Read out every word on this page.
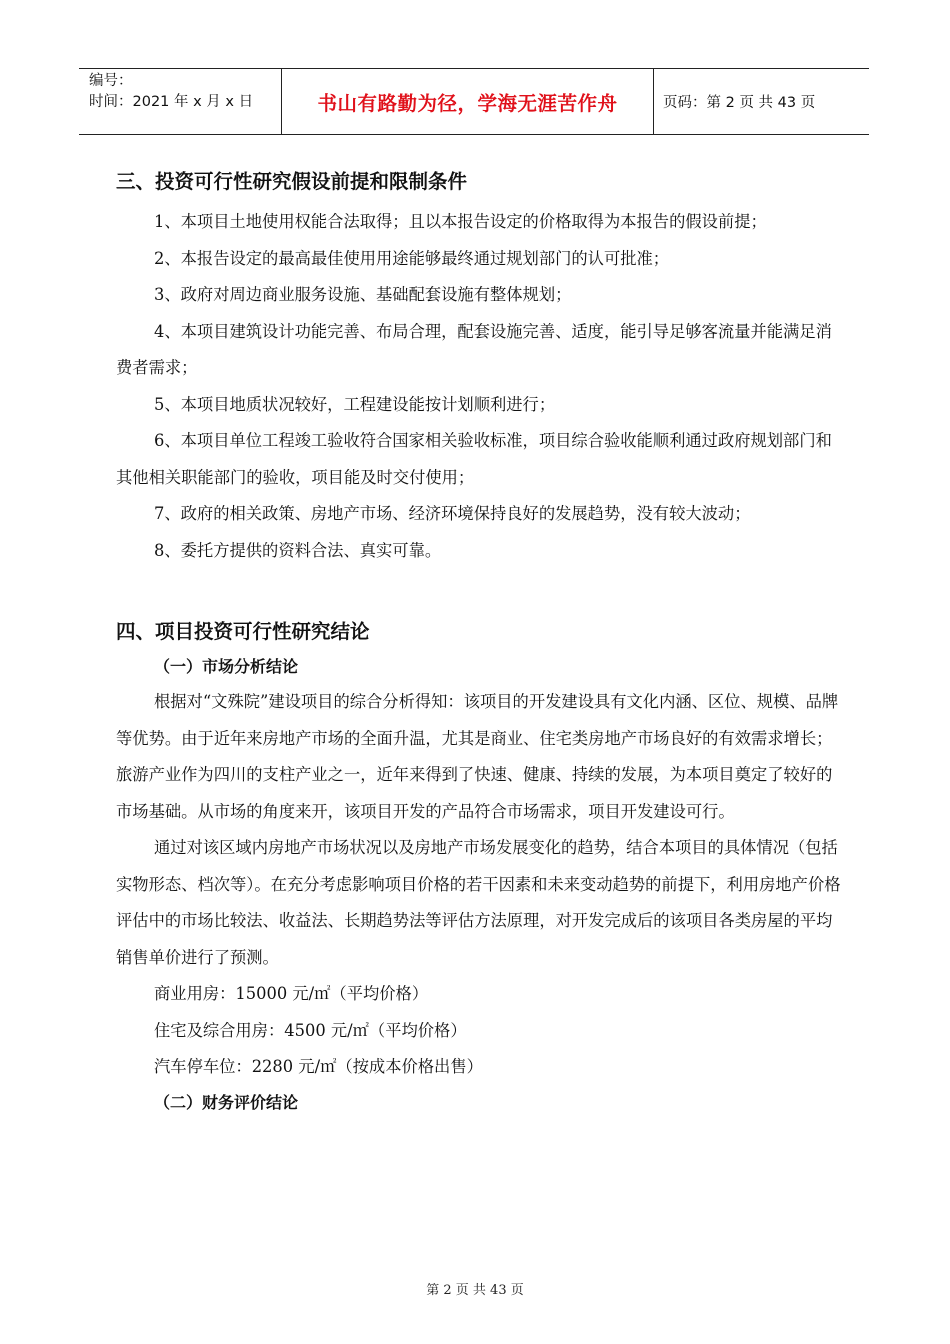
编号：
时间：2021 年 x 月 x 日	书山有路勤为径，学海无涯苦作舟	页码：第 2 页 共 43 页
三、投资可行性研究假设前提和限制条件

1、本项目土地使用权能合法取得；且以本报告设定的价格取得为本报告的假设前提；

2、本报告设定的最高最佳使用用途能够最终通过规划部门的认可批准；

3、政府对周边商业服务设施、基础配套设施有整体规划；

4、本项目建筑设计功能完善、布局合理，配套设施完善、适度，能引导足够客流量并能满足消费者需求；

5、本项目地质状况较好，工程建设能按计划顺利进行；

6、本项目单位工程竣工验收符合国家相关验收标准，项目综合验收能顺利通过政府规划部门和其他相关职能部门的验收，项目能及时交付使用；

7、政府的相关政策、房地产市场、经济环境保持良好的发展趋势，没有较大波动；

8、委托方提供的资料合法、真实可靠。

四、项目投资可行性研究结论
（一）市场分析结论

根据对“文殊院”建设项目的综合分析得知：该项目的开发建设具有文化内涵、区位、规模、品牌等优势。由于近年来房地产市场的全面升温，尤其是商业、住宅类房地产市场良好的有效需求增长；旅游产业作为四川的支柱产业之一，近年来得到了快速、健康、持续的发展，为本项目奠定了较好的市场基础。从市场的角度来开，该项目开发的产品符合市场需求，项目开发建设可行。

通过对该区域内房地产市场状况以及房地产市场发展变化的趋势，结合本项目的具体情况（包括实物形态、档次等）。在充分考虑影响项目价格的若干因素和未来变动趋势的前提下，利用房地产价格评估中的市场比较法、收益法、长期趋势法等评估方法原理，对开发完成后的该项目各类房屋的平均销售单价进行了预测。

商业用房：15000 元/㎡（平均价格）

住宅及综合用房：4500 元/㎡（平均价格）

汽车停车位：2280 元/㎡（按成本价格出售）

（二）财务评价结论
第 2 页 共 43 页
